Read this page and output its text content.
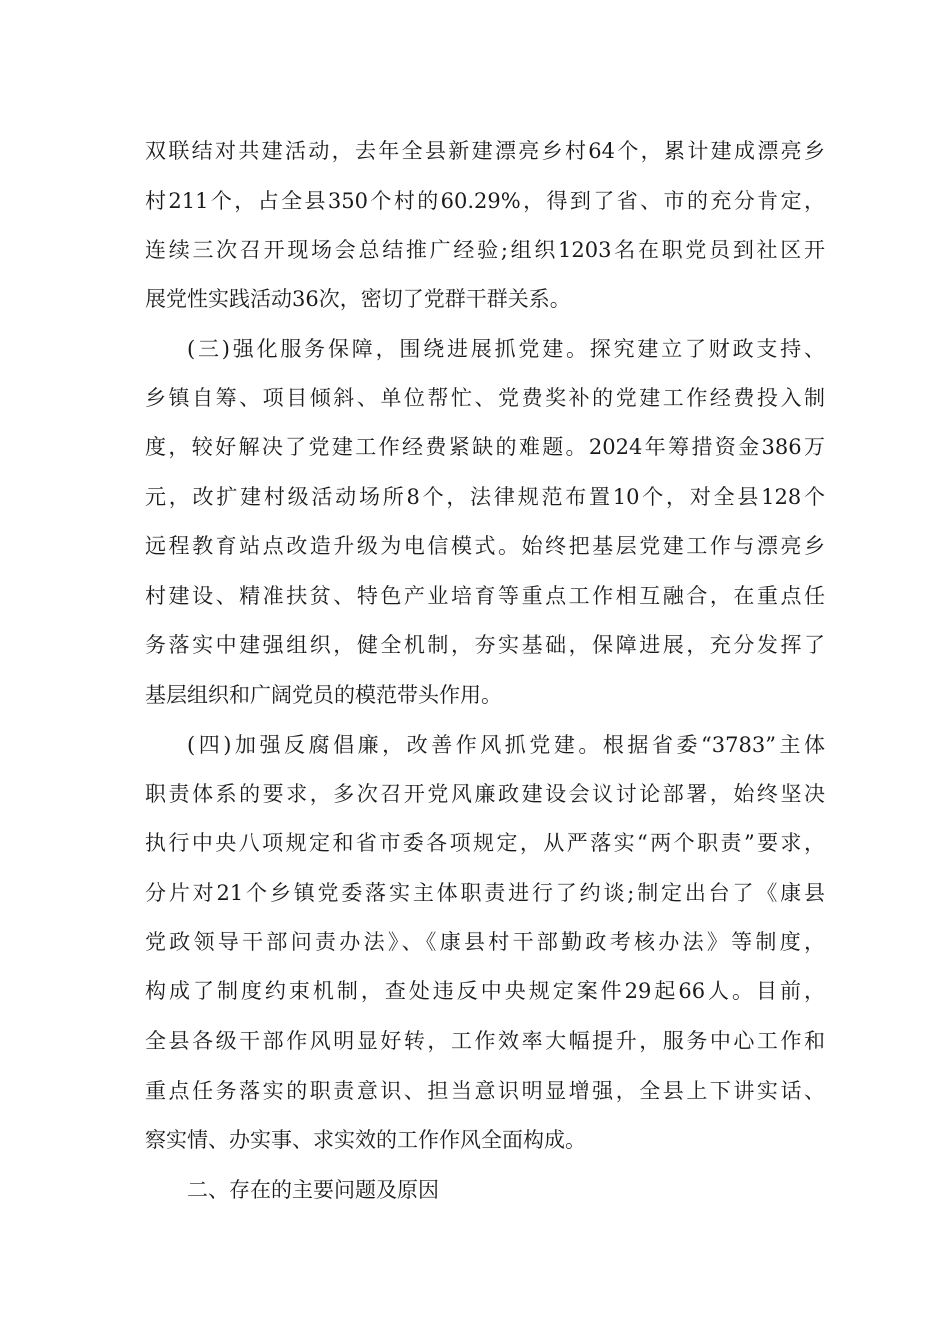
双联结对共建活动，去年全县新建漂亮乡村64个，累计建成漂亮乡
村211个，占全县350个村的60.29%，得到了省、市的充分肯定，
连续三次召开现场会总结推广经验;组织1203名在职党员到社区开
展党性实践活动36次，密切了党群干群关系。
(三)强化服务保障，围绕进展抓党建。探究建立了财政支持、
乡镇自筹、项目倾斜、单位帮忙、党费奖补的党建工作经费投入制
度，较好解决了党建工作经费紧缺的难题。2024年筹措资金386万
元，改扩建村级活动场所8个，法律规范布置10个，对全县128个
远程教育站点改造升级为电信模式。始终把基层党建工作与漂亮乡
村建设、精准扶贫、特色产业培育等重点工作相互融合，在重点任
务落实中建强组织，健全机制，夯实基础，保障进展，充分发挥了
基层组织和广阔党员的模范带头作用。
(四)加强反腐倡廉，改善作风抓党建。根据省委“3783”主体
职责体系的要求，多次召开党风廉政建设会议讨论部署，始终坚决
执行中央八项规定和省市委各项规定，从严落实“两个职责”要求，
分片对21个乡镇党委落实主体职责进行了约谈;制定出台了《康县
党政领导干部问责办法》、《康县村干部勤政考核办法》等制度，
构成了制度约束机制，查处违反中央规定案件29起66人。目前，
全县各级干部作风明显好转，工作效率大幅提升，服务中心工作和
重点任务落实的职责意识、担当意识明显增强，全县上下讲实话、
察实情、办实事、求实效的工作作风全面构成。
二、存在的主要问题及原因
